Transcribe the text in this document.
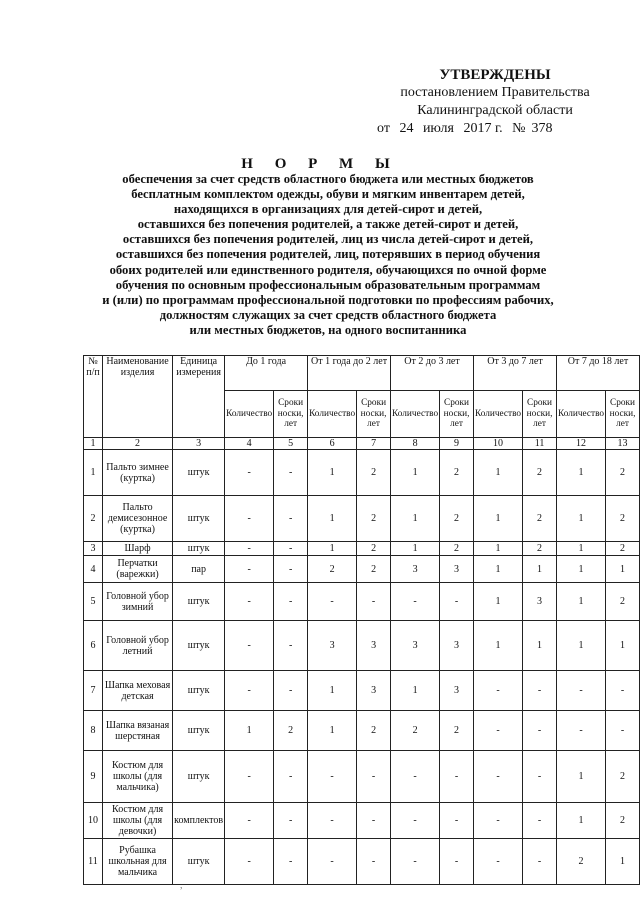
УТВЕРЖДЕНЫ
постановлением Правительства
Калининградской области
от 24 июля 2017 г. № 378
Н О Р М Ы
обеспечения за счет средств областного бюджета или местных бюджетов
бесплатным комплектом одежды, обуви и мягким инвентарем детей,
находящихся в организациях для детей-сирот и детей,
оставшихся без попечения родителей, а также детей-сирот и детей,
оставшихся без попечения родителей, лиц из числа детей-сирот и детей,
оставшихся без попечения родителей, лиц, потерявших в период обучения
обоих родителей или единственного родителя, обучающихся по очной форме
обучения по основным профессиональным образовательным программам
и (или) по программам профессиональной подготовки по профессиям рабочих,
должностям служащих за счет средств областного бюджета
или местных бюджетов, на одного воспитанника
№ п/п	Наименование изделия	Единица измерения	До 1 года		От 1 года до 2 лет		От 2 до 3 лет		От 3 до 7 лет		От 7 до 18 лет	
			Количество	Сроки носки, лет	Количество	Сроки носки, лет	Количество	Сроки носки, лет	Количество	Сроки носки, лет	Количество	Сроки носки, лет
1	2	3	4	5	6	7	8	9	10	11	12	13
1	Пальто зимнее (куртка)	штук	-	-	1	2	1	2	1	2	1	2
2	Пальто демисезонное (куртка)	штук	-	-	1	2	1	2	1	2	1	2
3	Шарф	штук	-	-	1	2	1	2	1	2	1	2
4	Перчатки (варежки)	пар	-	-	2	2	3	3	1	1	1	1
5	Головной убор зимний	штук	-	-	-	-	-	-	1	3	1	2
6	Головной убор летний	штук	-	-	3	3	3	3	1	1	1	1
7	Шапка меховая детская	штук	-	-	1	3	1	3	-	-	-	-
8	Шапка вязаная шерстяная	штук	1	2	1	2	2	2	-	-	-	-
9	Костюм для школы (для мальчика)	штук	-	-	-	-	-	-	-	-	1	2
10	Костюм для школы (для девочки)	комплектов	-	-	-	-	-	-	-	-	1	2
11	Рубашка школьная для мальчика	штук	-	-	-	-	-	-	-	-	2	1
,
